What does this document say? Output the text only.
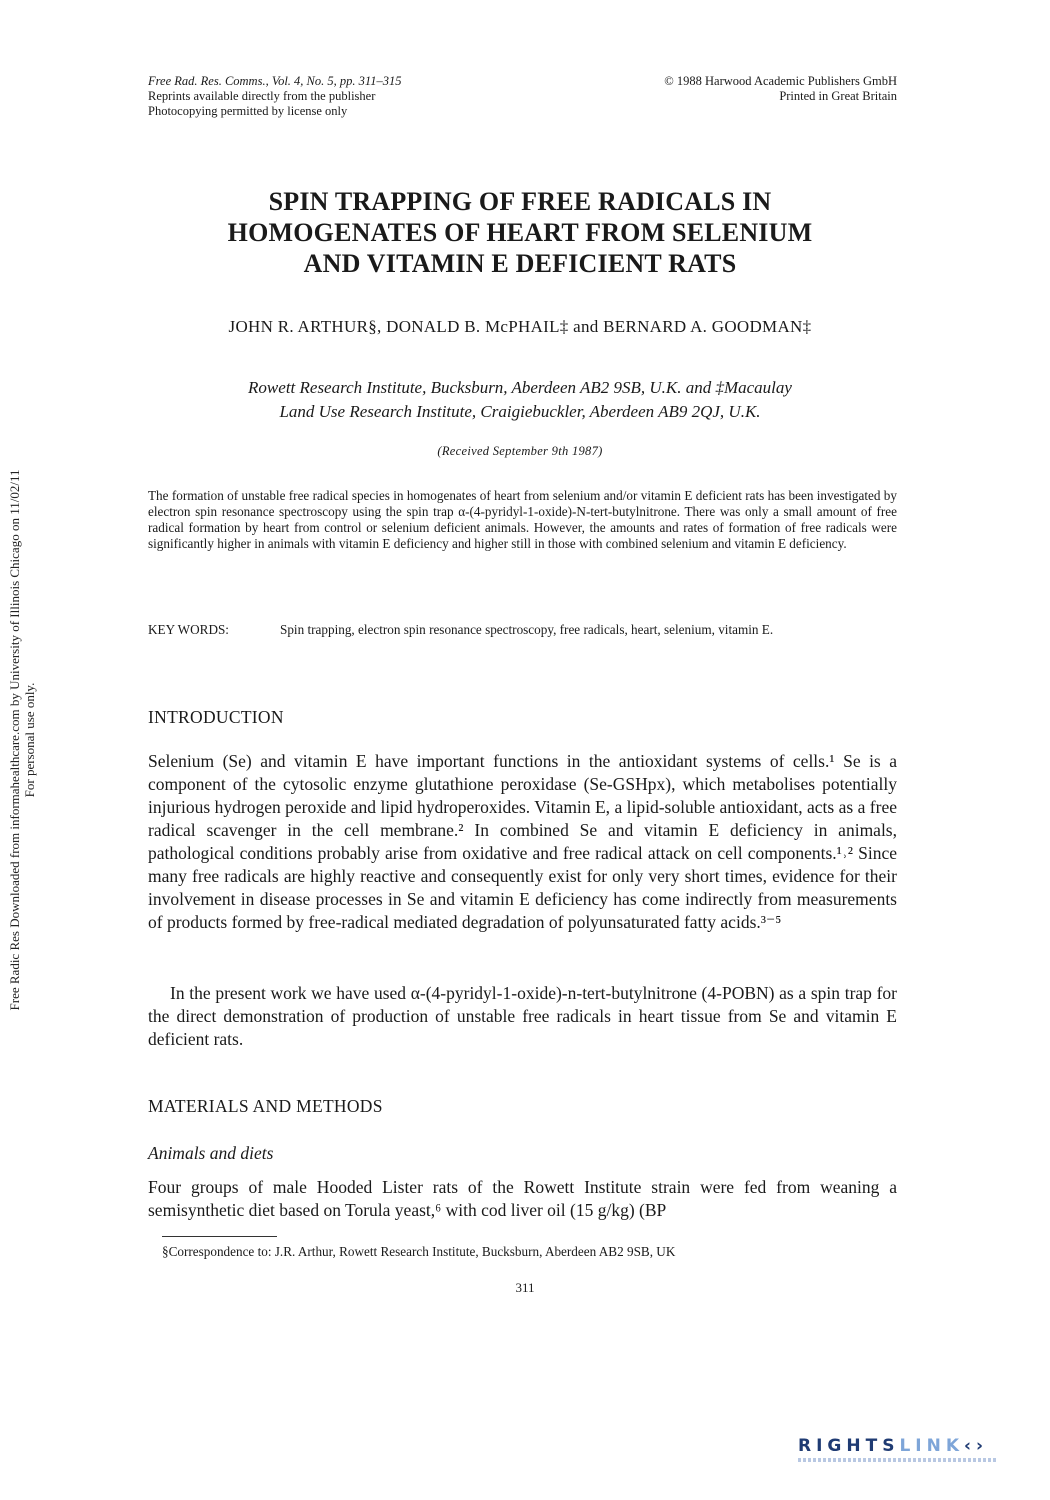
Free Rad. Res. Comms., Vol. 4, No. 5, pp. 311–315
Reprints available directly from the publisher
Photocopying permitted by license only
© 1988 Harwood Academic Publishers GmbH
Printed in Great Britain
SPIN TRAPPING OF FREE RADICALS IN
HOMOGENATES OF HEART FROM SELENIUM
AND VITAMIN E DEFICIENT RATS
JOHN R. ARTHUR§, DONALD B. McPHAIL‡ and BERNARD A. GOODMAN‡
Rowett Research Institute, Bucksburn, Aberdeen AB2 9SB, U.K. and ‡Macaulay
Land Use Research Institute, Craigiebuckler, Aberdeen AB9 2QJ, U.K.
(Received September 9th 1987)
The formation of unstable free radical species in homogenates of heart from selenium and/or vitamin E deficient rats has been investigated by electron spin resonance spectroscopy using the spin trap α-(4-pyridyl-1-oxide)-N-tert-butylnitrone. There was only a small amount of free radical formation by heart from control or selenium deficient animals. However, the amounts and rates of formation of free radicals were significantly higher in animals with vitamin E deficiency and higher still in those with combined selenium and vitamin E deficiency.
KEY WORDS:	Spin trapping, electron spin resonance spectroscopy, free radicals, heart, selenium, vitamin E.
INTRODUCTION
Selenium (Se) and vitamin E have important functions in the antioxidant systems of cells.¹ Se is a component of the cytosolic enzyme glutathione peroxidase (Se-GSHpx), which metabolises potentially injurious hydrogen peroxide and lipid hydroperoxides. Vitamin E, a lipid-soluble antioxidant, acts as a free radical scavenger in the cell membrane.² In combined Se and vitamin E deficiency in animals, pathological conditions probably arise from oxidative and free radical attack on cell components.¹˒² Since many free radicals are highly reactive and consequently exist for only very short times, evidence for their involvement in disease processes in Se and vitamin E deficiency has come indirectly from measurements of products formed by free-radical mediated degradation of polyunsaturated fatty acids.³⁻⁵
In the present work we have used α-(4-pyridyl-1-oxide)-n-tert-butylnitrone (4-POBN) as a spin trap for the direct demonstration of production of unstable free radicals in heart tissue from Se and vitamin E deficient rats.
MATERIALS AND METHODS
Animals and diets
Four groups of male Hooded Lister rats of the Rowett Institute strain were fed from weaning a semisynthetic diet based on Torula yeast,⁶ with cod liver oil (15 g/kg) (BP
§Correspondence to: J.R. Arthur, Rowett Research Institute, Bucksburn, Aberdeen AB2 9SB, UK
311
Free Radic Res Downloaded from informahealthcare.com by University of Illinois Chicago on 11/02/11 For personal use only.
RIGHTSLINK‹›
